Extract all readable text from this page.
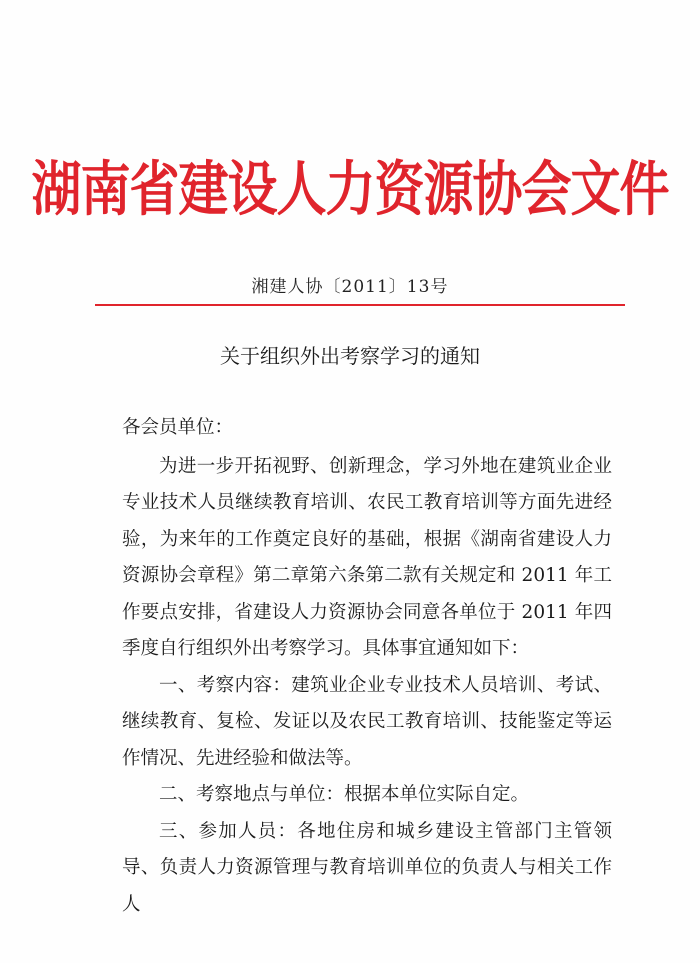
湖南省建设人力资源协会文件
湘建人协〔2011〕13号
关于组织外出考察学习的通知

各会员单位：

为进一步开拓视野、创新理念，学习外地在建筑业企业专业技术人员继续教育培训、农民工教育培训等方面先进经验，为来年的工作奠定良好的基础，根据《湖南省建设人力资源协会章程》第二章第六条第二款有关规定和 2011 年工作要点安排，省建设人力资源协会同意各单位于 2011 年四季度自行组织外出考察学习。具体事宜通知如下：

一、考察内容：建筑业企业专业技术人员培训、考试、继续教育、复检、发证以及农民工教育培训、技能鉴定等运作情况、先进经验和做法等。

二、考察地点与单位：根据本单位实际自定。

三、参加人员：各地住房和城乡建设主管部门主管领导、负责人力资源管理与教育培训单位的负责人与相关工作人
